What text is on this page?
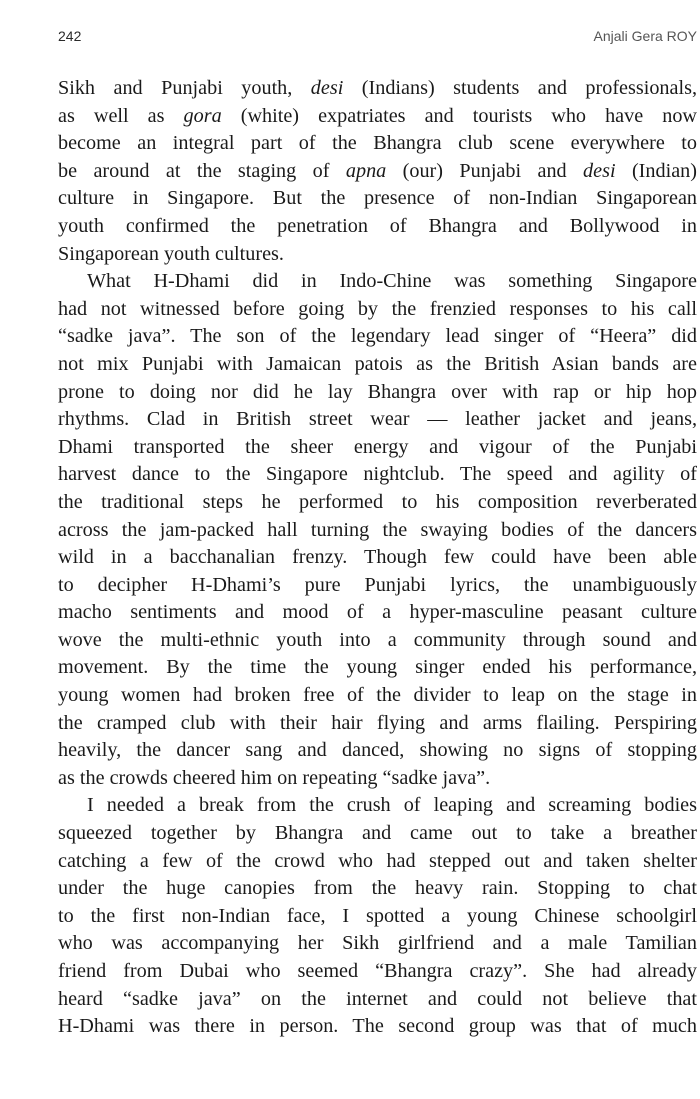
242	Anjali Gera ROY

Sikh and Punjabi youth, desi (Indians) students and professionals,
as well as gora (white) expatriates and tourists who have now
become an integral part of the Bhangra club scene everywhere to
be around at the staging of apna (our) Punjabi and desi (Indian)
culture in Singapore. But the presence of non-Indian Singaporean
youth confirmed the penetration of Bhangra and Bollywood in
Singaporean youth cultures.

What H-Dhami did in Indo-Chine was something Singapore
had not witnessed before going by the frenzied responses to his call
“sadke java”. The son of the legendary lead singer of “Heera” did
not mix Punjabi with Jamaican patois as the British Asian bands are
prone to doing nor did he lay Bhangra over with rap or hip hop
rhythms. Clad in British street wear — leather jacket and jeans,
Dhami transported the sheer energy and vigour of the Punjabi
harvest dance to the Singapore nightclub. The speed and agility of
the traditional steps he performed to his composition reverberated
across the jam-packed hall turning the swaying bodies of the dancers
wild in a bacchanalian frenzy. Though few could have been able
to decipher H-Dhami’s pure Punjabi lyrics, the unambiguously
macho sentiments and mood of a hyper-masculine peasant culture
wove the multi-ethnic youth into a community through sound and
movement. By the time the young singer ended his performance,
young women had broken free of the divider to leap on the stage in
the cramped club with their hair flying and arms flailing. Perspiring
heavily, the dancer sang and danced, showing no signs of stopping
as the crowds cheered him on repeating “sadke java”.

I needed a break from the crush of leaping and screaming bodies
squeezed together by Bhangra and came out to take a breather
catching a few of the crowd who had stepped out and taken shelter
under the huge canopies from the heavy rain. Stopping to chat
to the first non-Indian face, I spotted a young Chinese schoolgirl
who was accompanying her Sikh girlfriend and a male Tamilian
friend from Dubai who seemed “Bhangra crazy”. She had already
heard “sadke java” on the internet and could not believe that
H-Dhami was there in person. The second group was that of much
